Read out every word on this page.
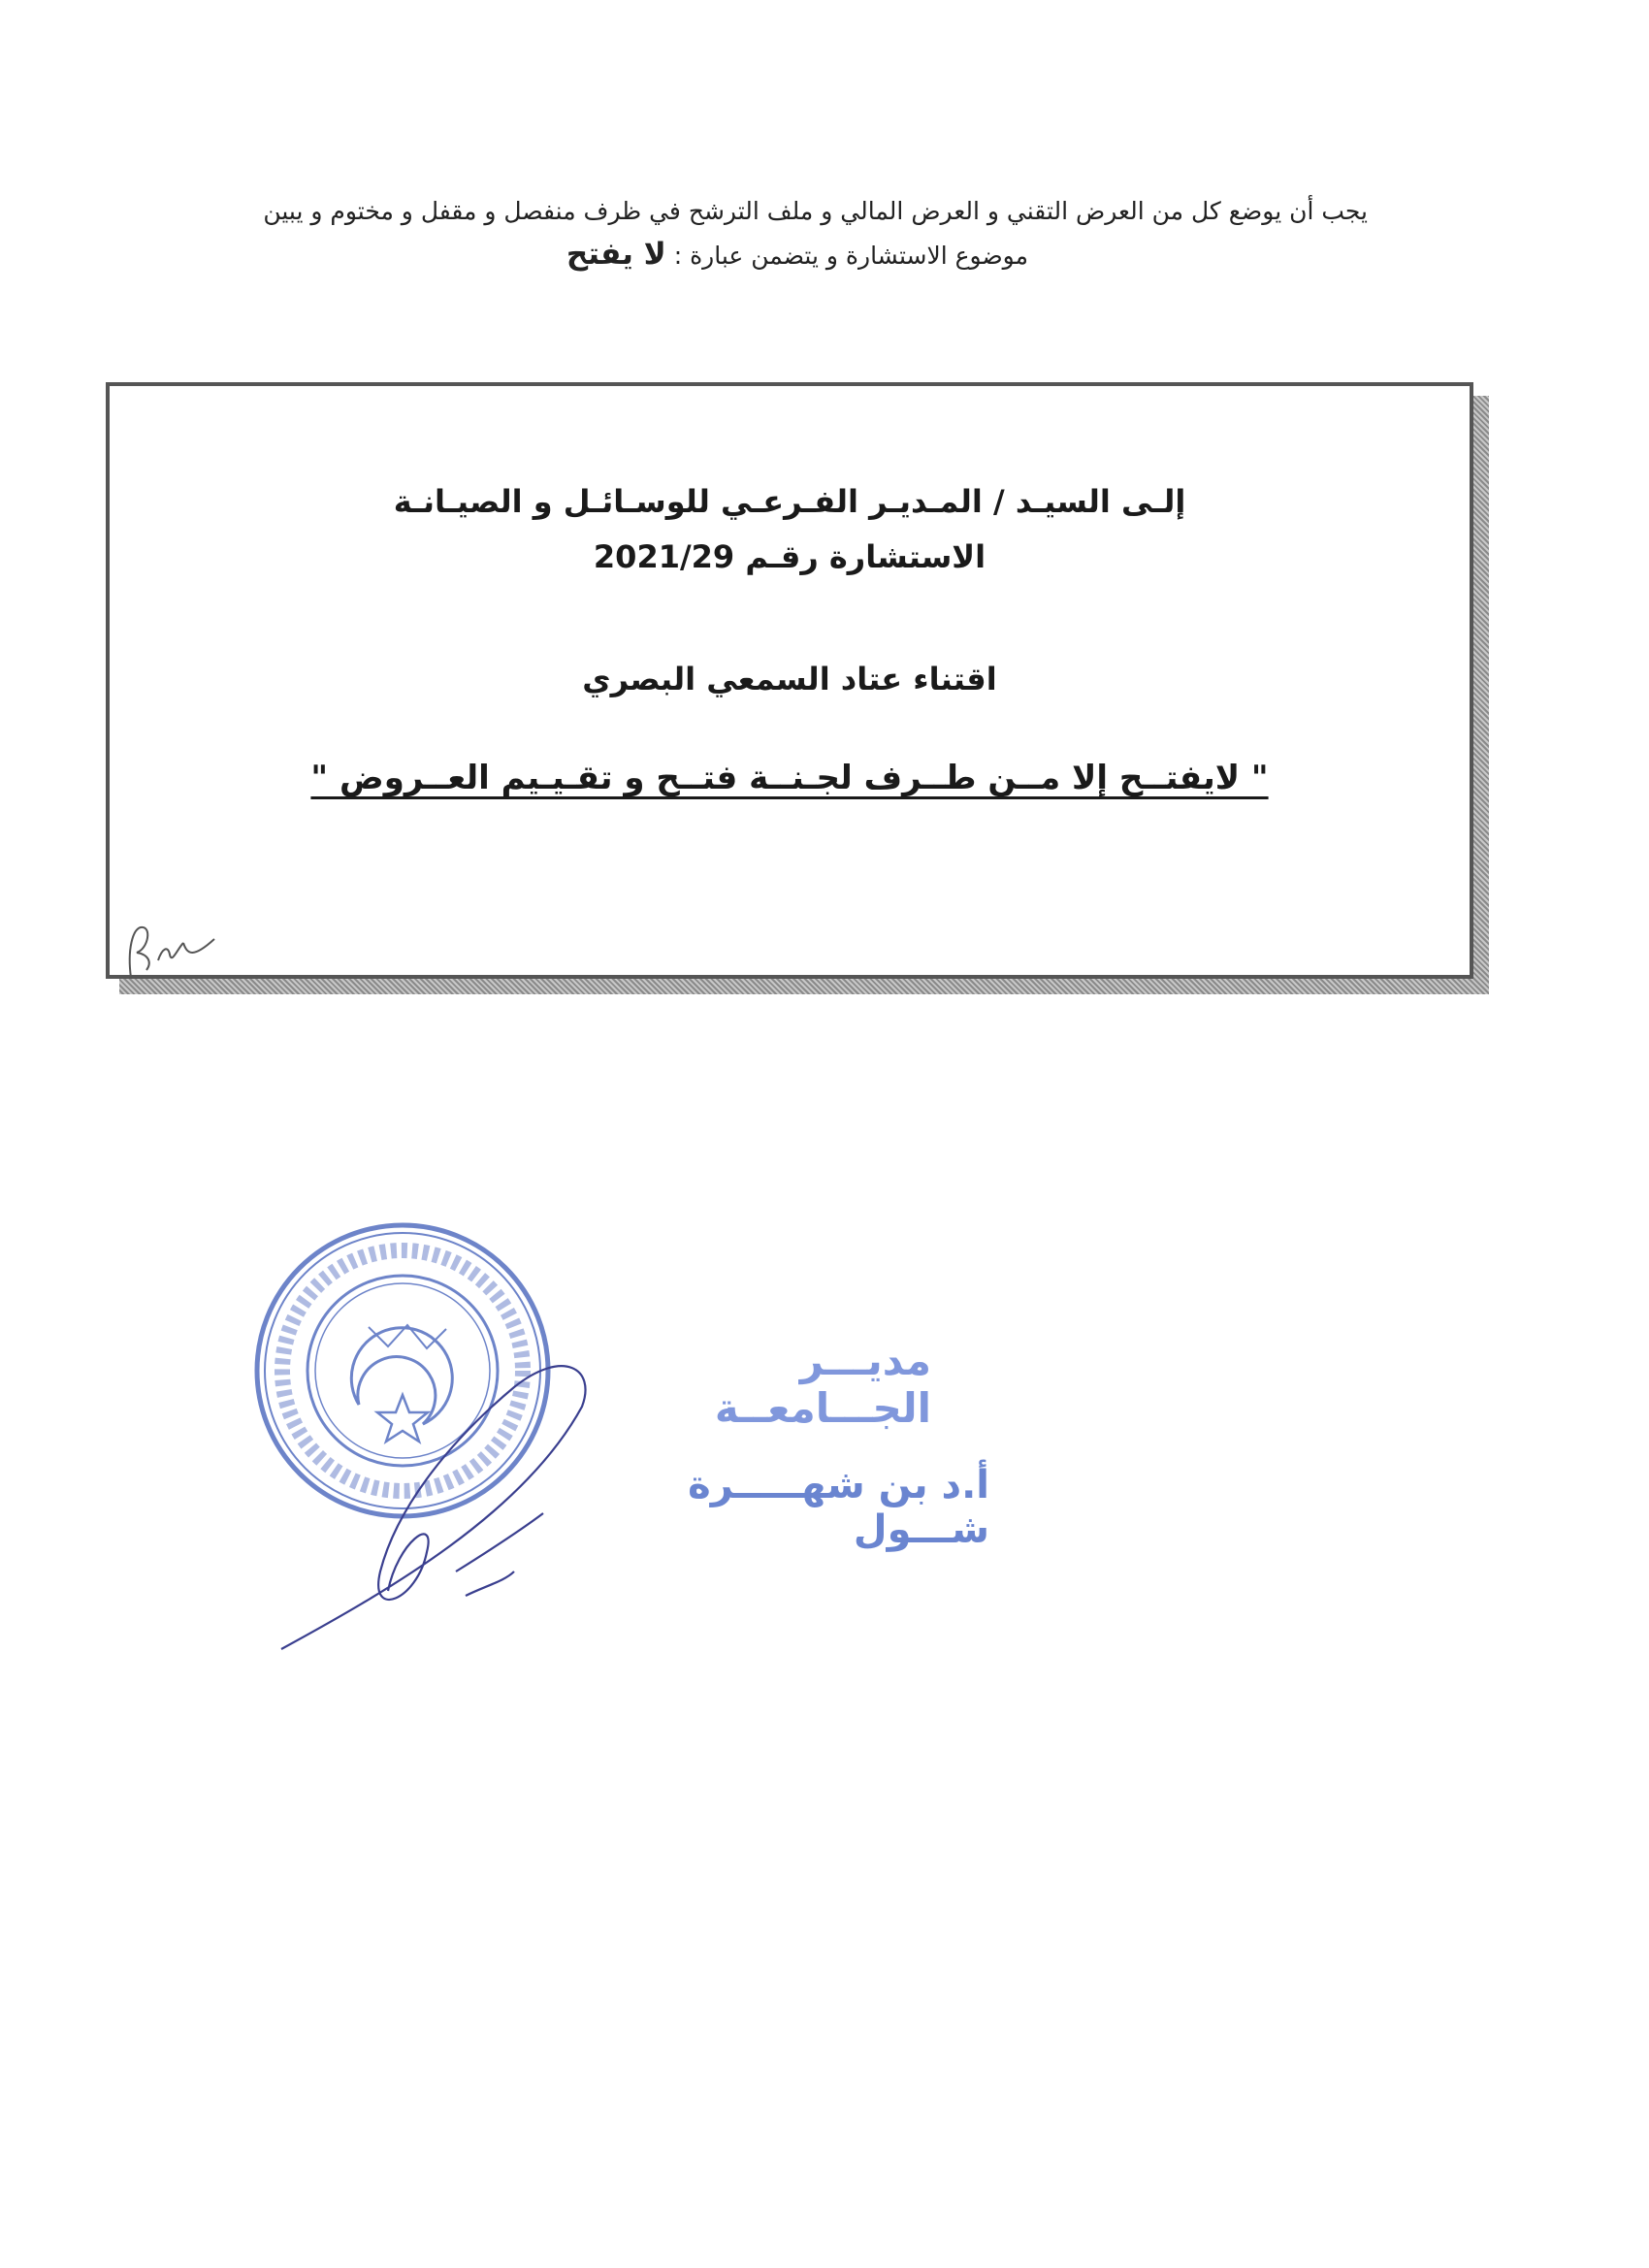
يجب أن يوضع كل من العرض التقني و العرض المالي و ملف الترشح في ظرف منفصل و مقفل و مختوم و يبين
موضوع الاستشارة و يتضمن عبارة : لا يفتح
إلـى السيـد / المـديـر الفـرعـي للوسـائـل و الصيـانـة
الاستشارة رقـم 2021/29
اقتناء عتاد السمعي البصري
" لايفتــح إلا مــن طــرف لجـنــة فتــح و تقـيـيم العــروض "
مديـــر الجـــامعــة
أ.د بن شهـــــرة شـــول
